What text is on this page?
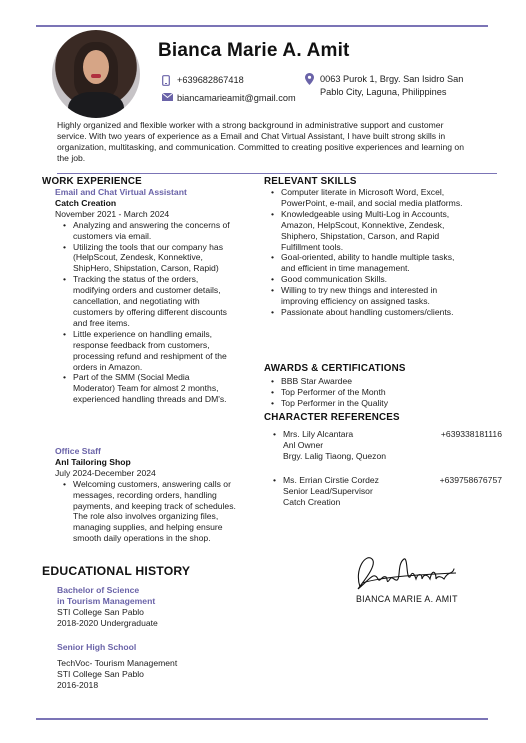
Bianca Marie A. Amit
+639682867418
biancamarieamit@gmail.com
0063 Purok 1, Brgy. San Isidro San
Pablo City, Laguna, Philippines
Highly organized and flexible worker with a strong background in administrative support and customer service. With two years of experience as a Email and Chat Virtual Assistant, I have built strong skills in organization, multitasking, and communication. Committed to creating positive experiences and learning on the job.
WORK EXPERIENCE
Email and Chat Virtual Assistant
Catch Creation
November 2021 - March 2024
• Analyzing and answering the concerns of customers via email.
• Utilizing the tools that our company has (HelpScout, Zendesk, Konnektive, ShipHero, Shipstation, Carson, Rapid)
• Tracking the status of the orders, modifying orders and customer details, cancellation, and negotiating with customers by offering different discounts and free items.
• Little experience on handling emails, response feedback from customers, processing refund and reshipment of the orders in Amazon.
• Part of the SMM (Social Media Moderator) Team for almost 2 months, experienced handling threads and DM's.
Office Staff
Anl Tailoring Shop
July 2024-December 2024
• Welcoming customers, answering calls or messages, recording orders, handling payments, and keeping track of schedules. The role also involves organizing files, managing supplies, and helping ensure smooth daily operations in the shop.
EDUCATIONAL HISTORY
Bachelor of Science
in Tourism Management
STI College San Pablo
2018-2020 Undergraduate
Senior High School
TechVoc- Tourism Management
STI College San Pablo
2016-2018
RELEVANT SKILLS
• Computer literate in Microsoft Word, Excel, PowerPoint, e-mail, and social media platforms.
• Knowledgeable using Multi-Log in Accounts, Amazon, HelpScout, Konnektive, Zendesk, Shiphero, Shipstation, Carson, and Rapid Fulfillment tools.
• Goal-oriented, ability to handle multiple tasks, and efficient in time management.
• Good communication Skills.
• Willing to try new things and interested in improving efficiency on assigned tasks.
• Passionate about handling customers/clients.
AWARDS & CERTIFICATIONS
• BBB Star Awardee
• Top Performer of the Month
• Top Performer in the Quality
CHARACTER REFERENCES
• Mrs. Lily Alcantara	+639338181116
Anl Owner
Brgy. Lalig Tiaong, Quezon
• Ms. Errian Cirstie Cordez	+639758676757
Senior Lead/Supervisor
Catch Creation
BIANCA MARIE A. AMIT
